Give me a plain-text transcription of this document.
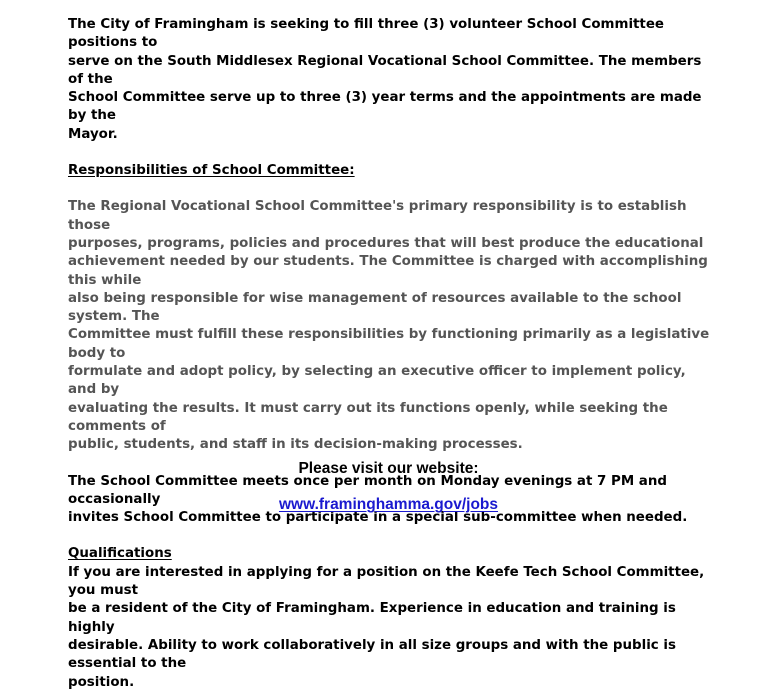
The City of Framingham is seeking to fill three (3) volunteer School Committee positions to
serve on the South Middlesex Regional Vocational School Committee. The members of the
School Committee serve up to three (3) year terms and the appointments are made by the
Mayor.
Responsibilities of School Committee:
The Regional Vocational School Committee's primary responsibility is to establish those
purposes, programs, policies and procedures that will best produce the educational
achievement needed by our students. The Committee is charged with accomplishing this while
also being responsible for wise management of resources available to the school system. The
Committee must fulfill these responsibilities by functioning primarily as a legislative body to
formulate and adopt policy, by selecting an executive officer to implement policy, and by
evaluating the results. It must carry out its functions openly, while seeking the comments of
public, students, and staff in its decision-making processes.
The School Committee meets once per month on Monday evenings at 7 PM and occasionally
invites School Committee to participate in a special sub-committee when needed.
Qualifications
If you are interested in applying for a position on the Keefe Tech School Committee, you must
be a resident of the City of Framingham. Experience in education and training is highly
desirable. Ability to work collaboratively in all size groups and with the public is essential to the
position.
Please visit our website:
www.framinghamma.gov/jobs
